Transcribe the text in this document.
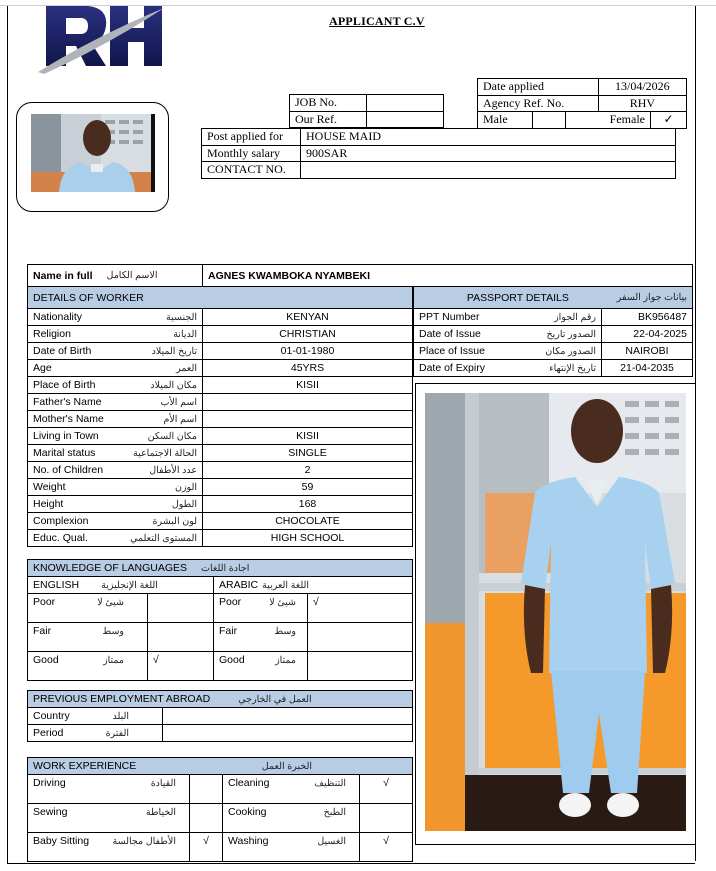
APPLICANT C.V
JOB No.	
Our Ref.	
Date applied			13/04/2026	
Agency Ref. No.			RHV	
Male		Female		✓
Post applied for	HOUSE MAID
Monthly salary	900SAR
CONTACT NO.	
Name in full الاسم الكامل	AGNES KWAMBOKA NYAMBEKI
DETAILS OF WORKER	

Nationality الجنسية	KENYAN

Religion الديانة	CHRISTIAN

Date of Birth تاريخ الميلاد	01-01-1980

Age العمر	45YRS

Place of Birth مكان الميلاد	KISII

Father's Name اسم الأب	

Mother's Name اسم الأم	

Living in Town مكان السكن	KISII

Marital status الحالة الاجتماعية	SINGLE

No. of Children عدد الأطفال	2

Weight الوزن	59

Height الطول	168

Complexion لون البشرة	CHOCOLATE

Educ. Qual. المستوى التعلمي	HIGH SCHOOL
PASSPORT DETAILS بيانات جواز السفر	

PPT Number رقم الجواز	BK956487

Date of Issue الصدور تاريخ	22-04-2025

Place of Issue الصدور مكان	NAIROBI

Date of Expiry تاريخ الإنتهاء	21-04-2035
KNOWLEDGE OF LANGUAGES اجادة اللغات			

ENGLISH اللغة الإنجليزية		ARABIC اللغة العربية	

Poor شيئ لا		Poor شيئ لا	√

Fair وسط		Fair وسط	

Good ممتاز	√	Good ممتاز	

PREVIOUS EMPLOYMENT ABROAD العمل في الخارجي	

Country البلد	

Period الفترة	

WORK EXPERIENCE الخبرة العمل			

Driving القيادة		Cleaning التنظيف	√

Sewing الخياطة		Cooking الطبخ	

Baby Sitting الأطفال مجالسة	√	Washing الغسيل	√
